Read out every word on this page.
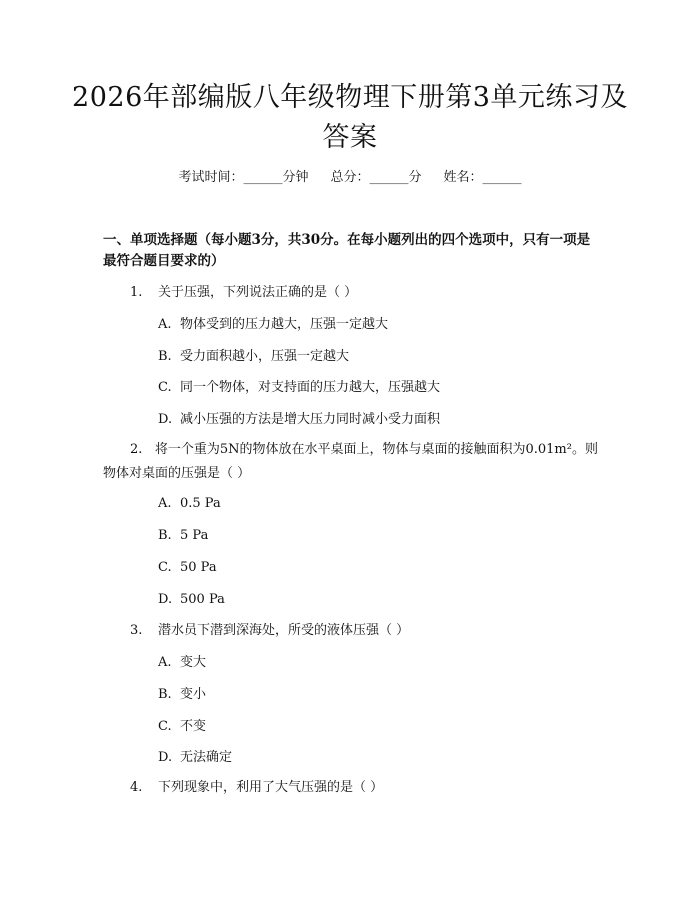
2026年部编版八年级物理下册第3单元练习及答案
考试时间：______分钟 总分：______分 姓名：______
一、单项选择题（每小题3分，共30分。在每小题列出的四个选项中，只有一项是最符合题目要求的）
1. 关于压强，下列说法正确的是（ ）
A. 物体受到的压力越大，压强一定越大
B. 受力面积越小，压强一定越大
C. 同一个物体，对支持面的压力越大，压强越大
D. 减小压强的方法是增大压力同时减小受力面积
2. 将一个重为5N的物体放在水平桌面上，物体与桌面的接触面积为0.01m²。则物体对桌面的压强是（ ）
A. 0.5 Pa
B. 5 Pa
C. 50 Pa
D. 500 Pa
3. 潜水员下潜到深海处，所受的液体压强（ ）
A. 变大
B. 变小
C. 不变
D. 无法确定
4. 下列现象中，利用了大气压强的是（ ）
